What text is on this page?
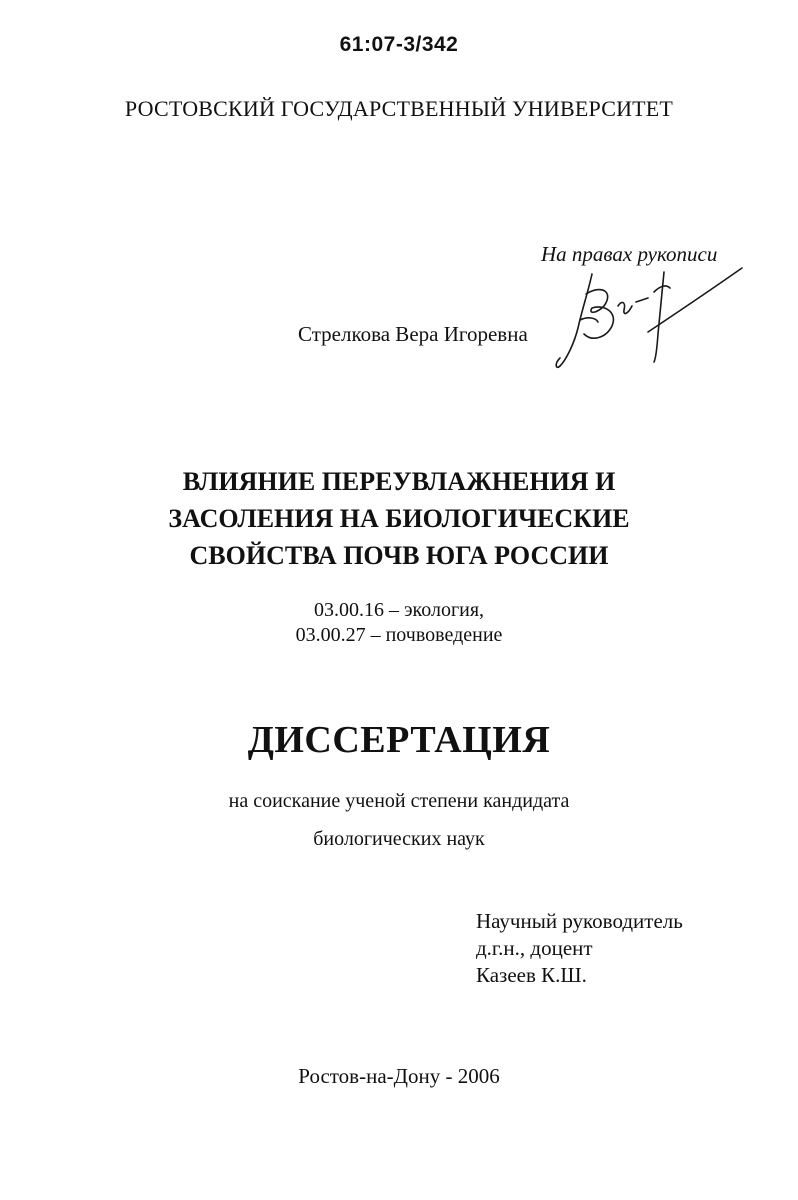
61:07-3/342
РОСТОВСКИЙ ГОСУДАРСТВЕННЫЙ УНИВЕРСИТЕТ
На правах рукописи
Стрелкова Вера Игоревна
ВЛИЯНИЕ ПЕРЕУВЛАЖНЕНИЯ И
ЗАСОЛЕНИЯ НА БИОЛОГИЧЕСКИЕ
СВОЙСТВА ПОЧВ ЮГА РОССИИ
03.00.16 – экология,
03.00.27 – почвоведение
ДИССЕРТАЦИЯ
на соискание ученой степени кандидата
биологических наук
Научный руководитель
д.г.н., доцент
Казеев К.Ш.
Ростов-на-Дону - 2006
